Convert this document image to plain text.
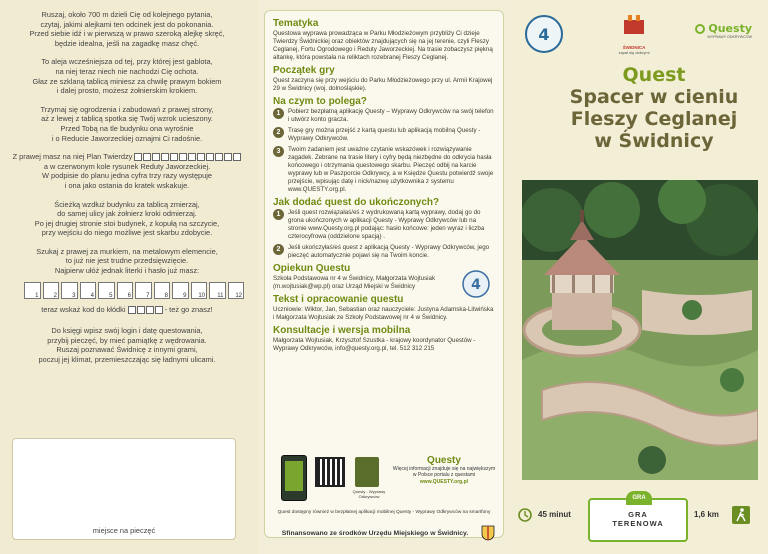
Ruszaj, około 700 m dzieli Cię od kolejnego pytania,
czytaj, jakimi alejkami ten odcinek jest do pokonania.
Przed siebie idź i w pierwszą w prawo szeroką alejkę skręć,
będzie idealna, jeśli na zagadkę masz chęć.
To aleja wcześniejsza od tej, przy której jest gablota,
na niej teraz niech nie nachodzi Cię ochota.
Głaz ze szklaną tablicą miniesz za chwilę prawym bokiem
i dalej prosto, możesz żołnierskim krokiem.
Trzymaj się ogrodzenia i zabudowań z prawej strony,
aż z lewej z tablicą spotka się Twój wzrok ucieszony.
Przed Tobą na tle budynku ona wyrośnie
i o Reducie Jaworzeckiej oznajmi Ci radośnie.
Z prawej masz na niej Plan Twierdzy
a w czerwonym kole rysunek Reduty Jaworzeckiej.
W podpisie do planu jedna cyfra trzy razy występuje
i ona jako ostania do kratek wskakuje.
Ścieżką wzdłuż budynku za tablicą zmierzaj,
do samej ulicy jak żołnierz kroki odmierzaj.
Po jej drugiej stronie stoi budynek, z kopułą na szczycie,
przy wejściu do niego możliwe jest skarbu zdobycie.
Szukaj z prawej za murkiem, na metalowym elemencie,
to już nie jest trudne przedsięwzięcie.
Najpierw ułóż jednak literki i hasło już masz:
1	2	3	4	5	6	7	8	9 10 11 12
teraz wskaż kod do kłódki	- też go znasz!
Do księgi wpisz swój login i datę questowania,
przybij pieczęć, by mieć pamiątkę z wędrowania.
Ruszaj poznawać Świdnicę z innymi grami,
poczuj jej klimat, przemieszczając się ładnymi ulicami.
miejsce na pieczęć
Tematyka
Questowa wyprawa prowadząca w Parku Młodzieżowym przybliży Ci dzieje Twierdzy Świdnickiej oraz obiektów znajdujących się na jej terenie, czyli Fleszy Ceglanej, Fortu Ogrodowego i Reduty Jaworzeckiej. Na trasie zobaczysz piękną altankę, która powstała na reliktach rozebranej Fleszy Ceglanej.
Początek gry
Quest zaczyna się przy wejściu do Parku Młodzieżowego przy ul. Armii Krajowej 29 w Świdnicy (woj. dolnośląskie).
Na czym to polega?
1	Pobierz bezpłatną aplikację Questy – Wyprawy Odkrywców na swój telefon i utwórz konto gracza.
2	Trasę gry można przejść z kartą questu lub aplikacją mobilną Questy - Wyprawy Odkrywców.
3	Twoim zadaniem jest uważne czytanie wskazówek i rozwiązywanie zagadek. Zebrane na trasie litery i cyfry będą niezbędne do odkrycia hasła końcowego i otrzymania questowego skarbu. Pieczęć odbij na karcie wyprawy lub w Paszporcie Odkrywcy, a w Księdze Questu potwierdź swoje przejście, wpisując datę i nick/nazwę użytkownika z systemu www.QUESTY.org.pl.
Jak dodać quest do ukończonych?
1	Jeśli quest rozwiązałaś/eś z wydrukowaną kartą wyprawy, dodaj go do grona ukończonych w aplikacji Questy - Wyprawy Odkrywców lub na stronie www.Questy.org.pl podając: hasło końcowe: jeden wyraz i liczba czterocyfrowa (oddzielone spacją) .
2	Jeśli ukończyłaś/eś quest z aplikacją Questy - Wyprawy Odkrywców, jego pieczęć automatycznie pojawi się na Twoim koncie.
Opiekun Questu
Szkoła Podstawowa nr 4 w Świdnicy, Małgorzata Wojtusiak (m.wojtusiak@wp.pl) oraz Urząd Miejski w Świdnicy	4
Tekst i opracowanie questu
Uczniowie: Wiktor, Jan, Sebastian oraz nauczyciele: Justyna Adamska-Litwińska i Małgorzata Wojtusiak ze Szkoły Podstawowej nr 4 w Świdnicy.
Konsultacje i wersja mobilna
Małgorzata Wojtusiak, Krzysztof Szustka - krajowy koordynator Questów - Wyprawy Odkrywców, info@questy.org.pl, tel. 512 312 215
Questy
Więcej informacji znajduje się na największym
w Polsce portalu z questami
www.QUESTY.org.pl
Questy - Wyprawy Odkrywców
Quest dostępny również w bezpłatnej aplikacji mobilnej Questy - Wyprawy Odkrywców na smartfony
Sfinansowano ze środków Urzędu Miejskiego w Świdnicy.
4
ŚWIDNICA
zapal się dobrymi
Questy
WYPRAWY ODKRYWCÓW
Quest
Spacer w cieniu
Fleszy Ceglanej
w Świdnicy
45 minut
GRA
GRA
TERENOWA
1,6 km
